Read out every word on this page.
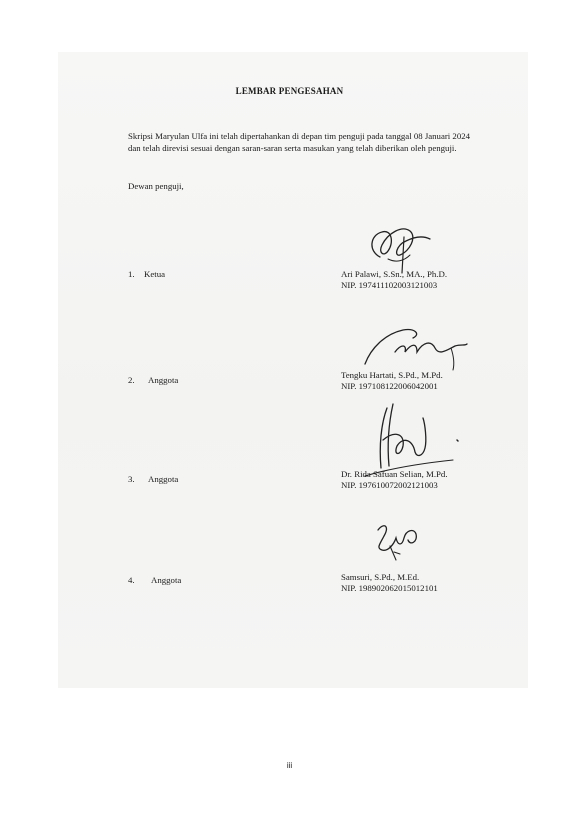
LEMBAR PENGESAHAN
Skripsi Maryulan Ulfa ini telah dipertahankan di depan tim penguji pada tanggal 08 Januari 2024 dan telah direvisi sesuai dengan saran-saran serta masukan yang telah diberikan oleh penguji.
Dewan penguji,
1. Ketua	Ari Palawi, S.Sn., MA., Ph.D.
NIP. 197411102003121003
2. Anggota	Tengku Hartati, S.Pd., M.Pd.
NIP. 197108122006042001
3. Anggota	Dr. Rida Safuan Selian, M.Pd.
NIP. 197610072002121003
4. Anggota	Samsuri, S.Pd., M.Ed.
NIP. 198902062015012101
iii
